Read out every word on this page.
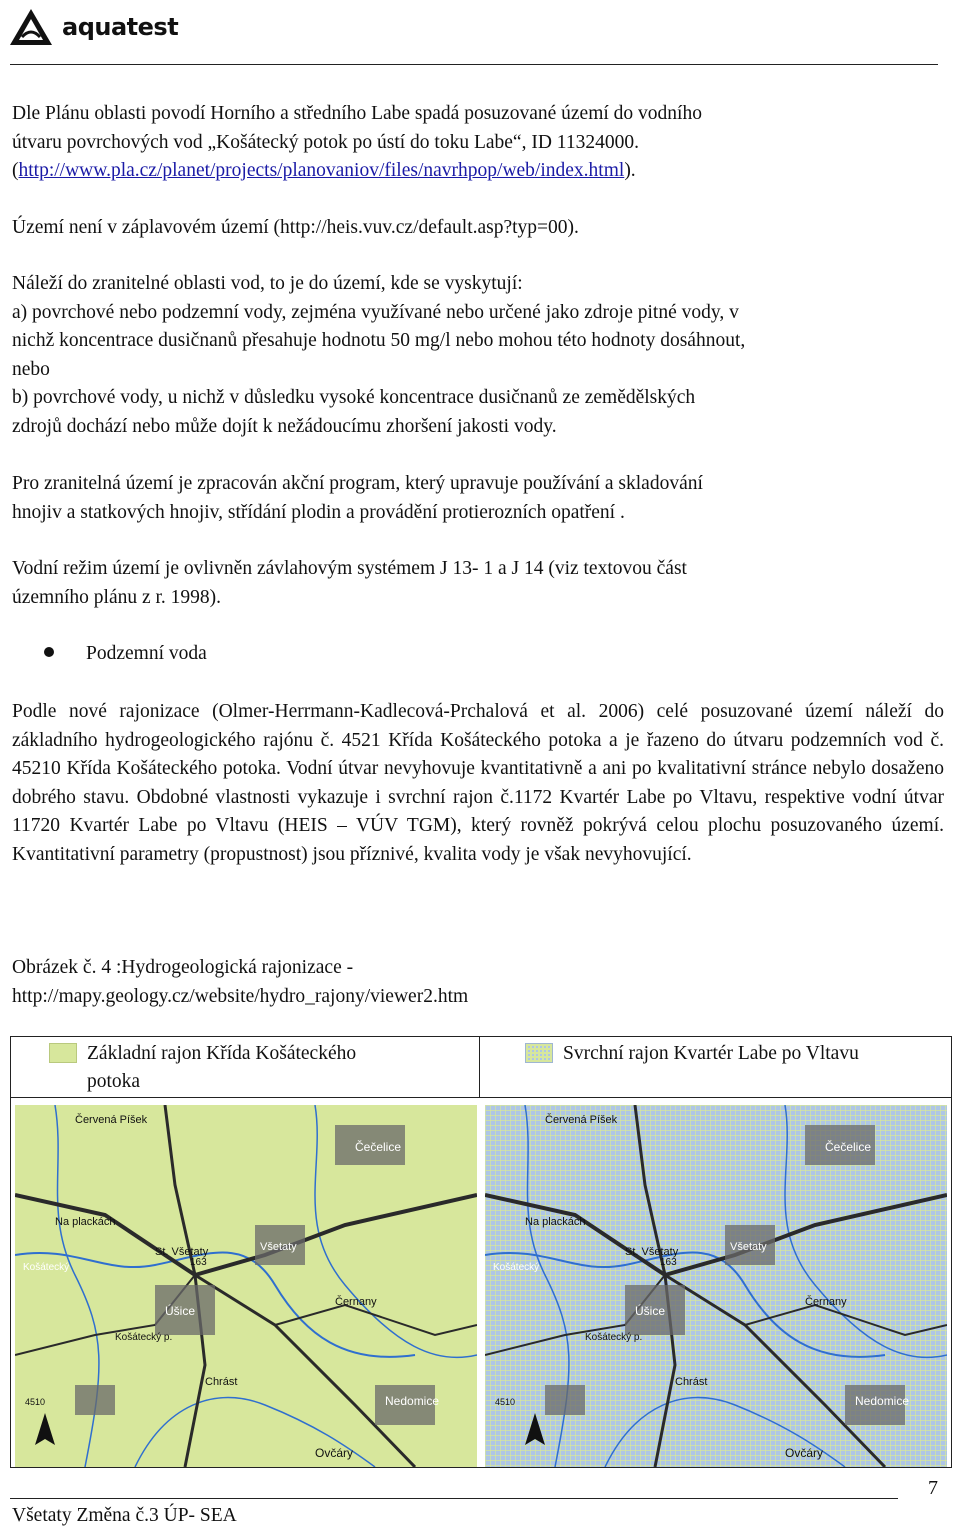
aquatest

Dle Plánu oblasti povodí Horního a středního Labe spadá posuzované území do vodního
útvaru povrchových vod „Košátecký potok po ústí do toku Labe“, ID 11324000.
(http://www.pla.cz/planet/projects/planovaniov/files/navrhpop/web/index.html).

Území není v záplavovém území (http://heis.vuv.cz/default.asp?typ=00).

Náleží do zranitelné oblasti vod, to je do území, kde se vyskytují:
a) povrchové nebo podzemní vody, zejména využívané nebo určené jako zdroje pitné vody, v
nichž koncentrace dusičnanů přesahuje hodnotu 50 mg/l nebo mohou této hodnoty dosáhnout,
nebo
b) povrchové vody, u nichž v důsledku vysoké koncentrace dusičnanů ze zemědělských
zdrojů dochází nebo může dojít k nežádoucímu zhoršení jakosti vody.

Pro zranitelná území je zpracován akční program, který upravuje používání a skladování
hnojiv a statkových hnojiv, střídání plodin a provádění protierozních opatření .

Vodní režim území je ovlivněn závlahovým systémem J 13- 1 a J 14 (viz textovou část
územního plánu z r. 1998).

Podzemní voda

Podle nové rajonizace (Olmer-Herrmann-Kadlecová-Prchalová et al. 2006) celé posuzované území náleží do základního hydrogeologického rajónu č. 4521 Křída Košáteckého potoka a je řazeno do útvaru podzemních vod č. 45210 Křída Košáteckého potoka. Vodní útvar nevyhovuje kvantitativně a ani po kvalitativní stránce nebylo dosaženo dobrého stavu. Obdobné vlastnosti vykazuje i svrchní rajon č.1172 Kvartér Labe po Vltavu, respektive vodní útvar 11720 Kvartér Labe po Vltavu (HEIS – VÚV TGM), který rovněž pokrývá celou plochu posuzovaného území. Kvantitativní parametry (propustnost) jsou příznivé, kvalita vody je však nevyhovující.

Obrázek č. 4 :Hydrogeologická rajonizace -
http://mapy.geology.cz/website/hydro_rajony/viewer2.htm

Základní rajon Křída Košáteckého
potoka

Svrchní rajon Kvartér Labe po Vltavu

Červená Píšek
Čečelice
Na plackách
St. Všetaty
Košátecký
Všetaty
Černany
Úšice
Košátecký p.
Chrást
Nedomice
Ovčáry
4510
163
Červená Píšek
Čečelice
Na plackách
St. Všetaty
Košátecký
Všetaty
Černany
Úšice
Košátecký p.
Chrást
Nedomice
Ovčáry
4510
163
7
Všetaty Změna č.3 ÚP- SEA
